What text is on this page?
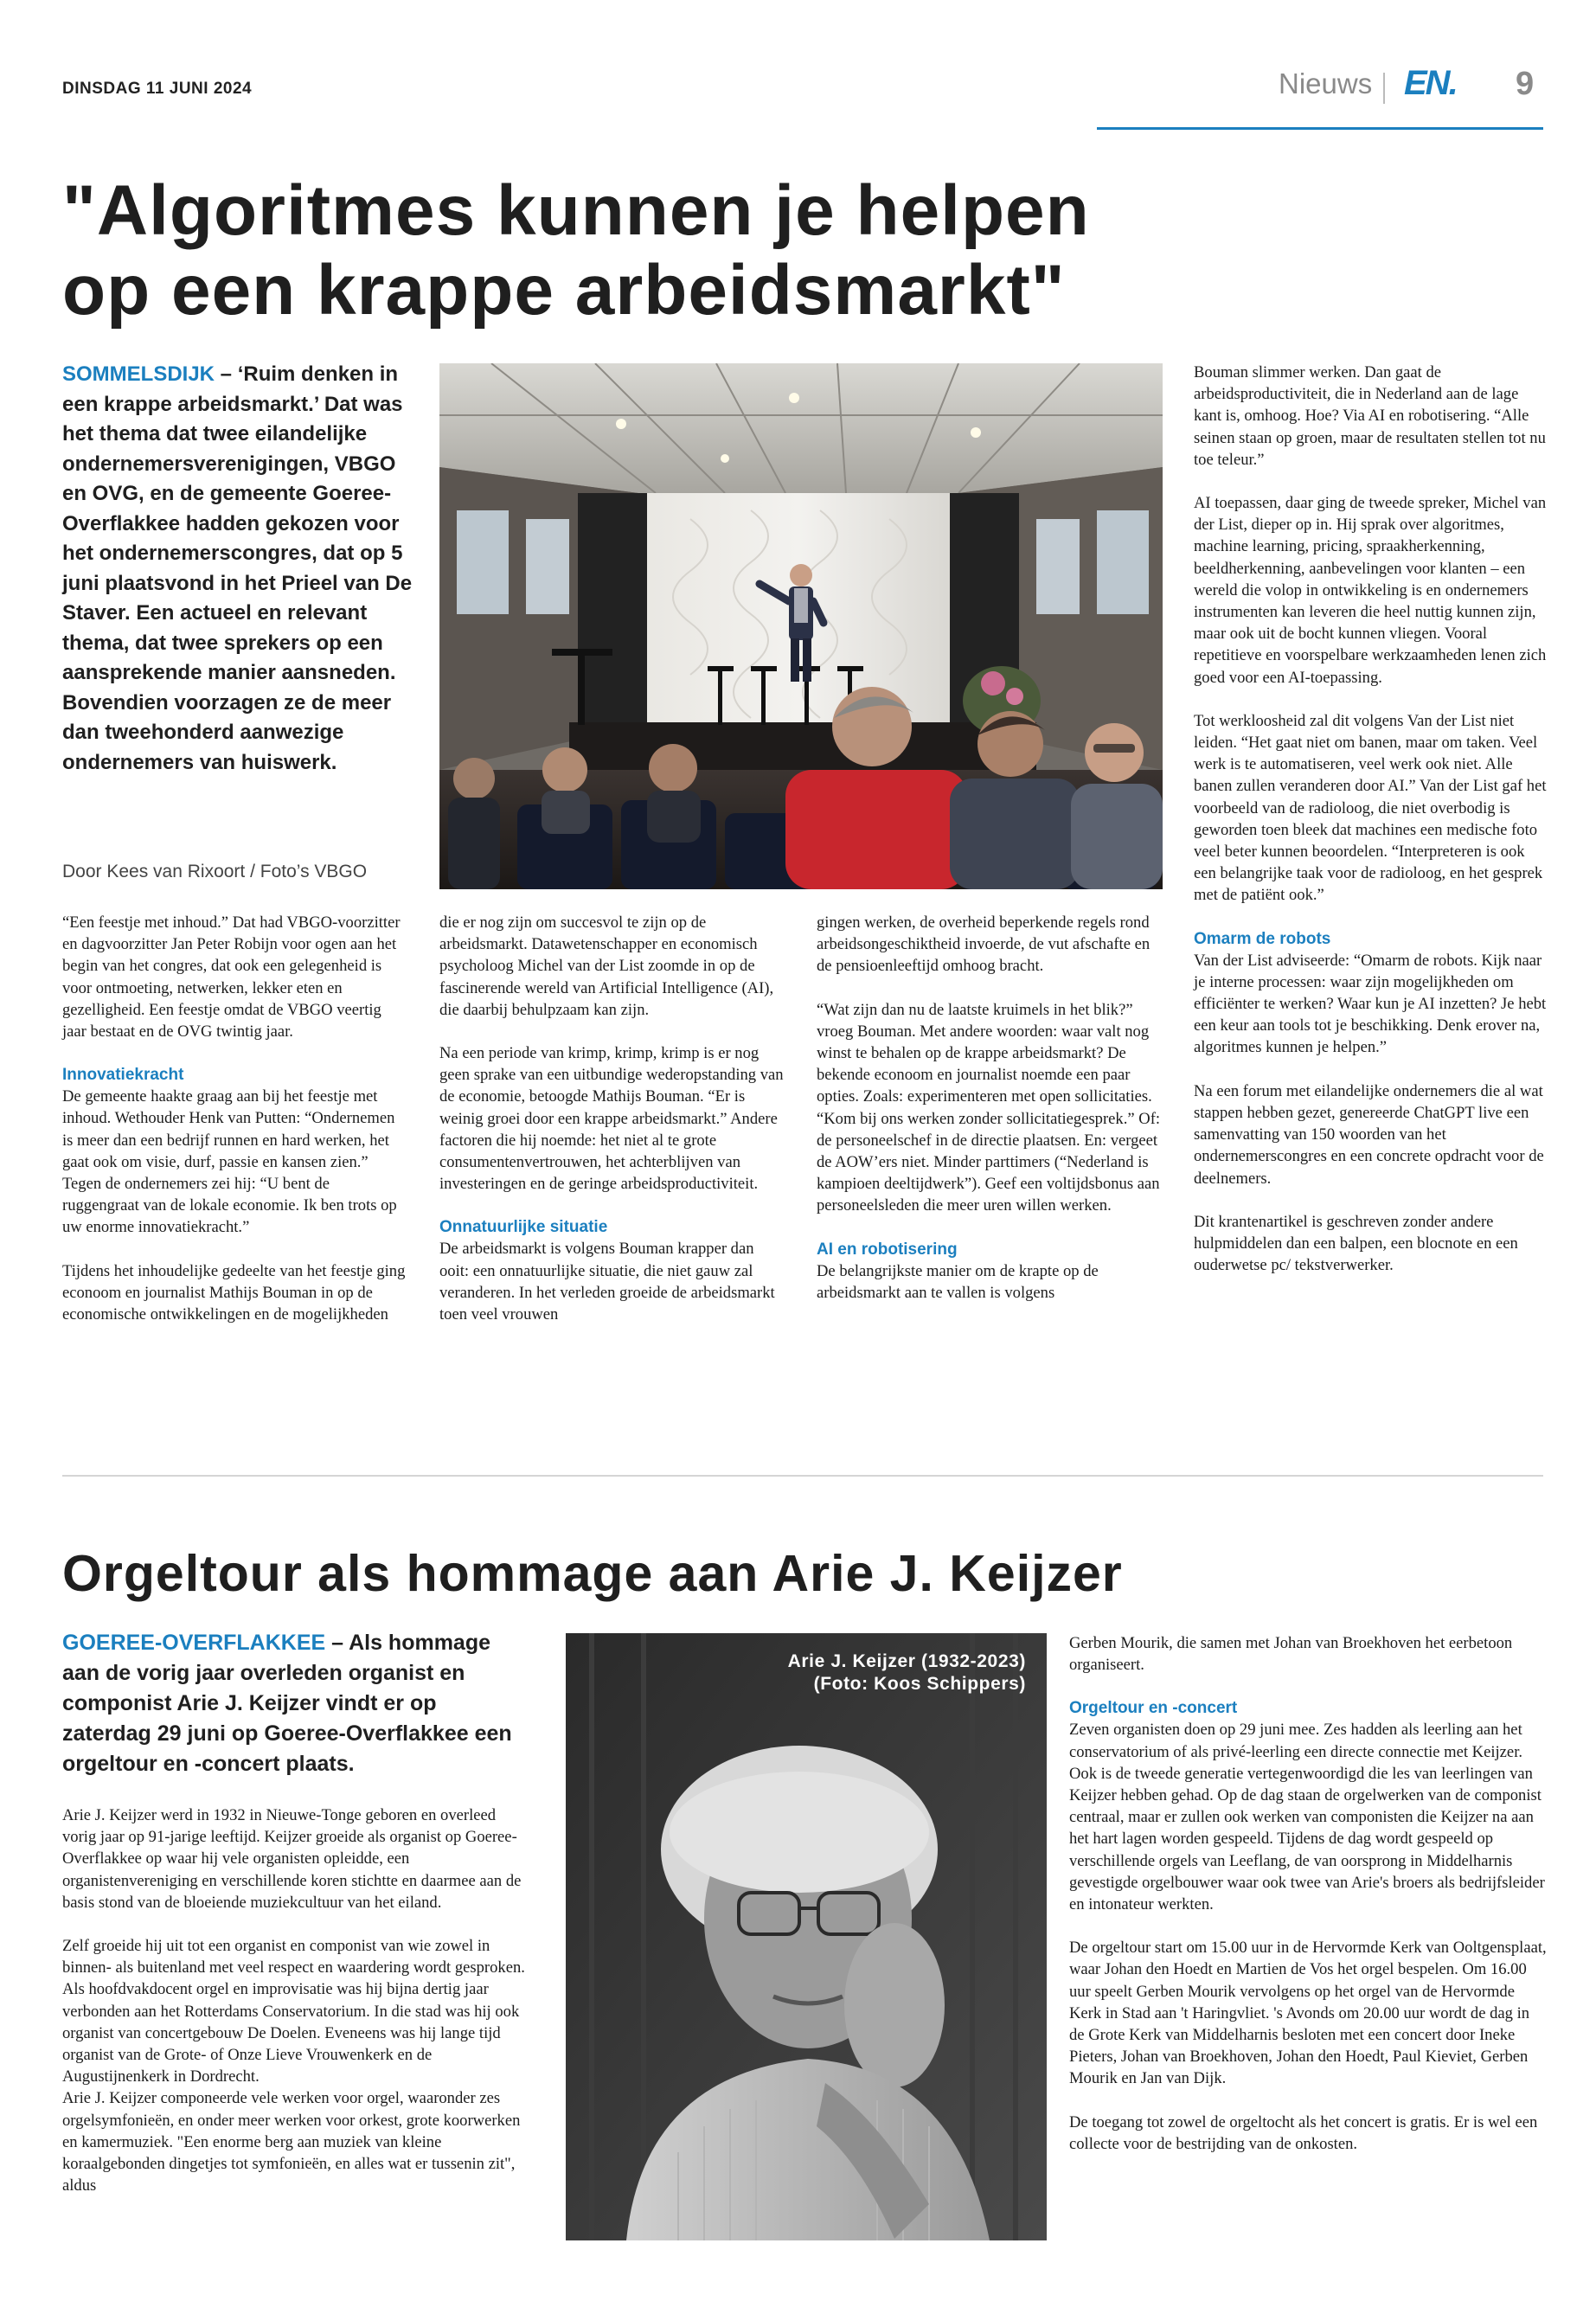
DINSDAG 11 JUNI 2024	Nieuws EN. 9
"Algoritmes kunnen je helpen
op een krappe arbeidsmarkt"
SOMMELSDIJK – ‘Ruim denken in een krappe arbeidsmarkt.’ Dat was het thema dat twee eilandelijke ondernemersverenigingen, VBGO en OVG, en de gemeente Goeree-Overflakkee hadden gekozen voor het ondernemerscongres, dat op 5 juni plaatsvond in het Prieel van De Staver. Een actueel en relevant thema, dat twee sprekers op een aansprekende manier aansneden. Bovendien voorzagen ze de meer dan tweehonderd aanwezige ondernemers van huiswerk.
Door Kees van Rixoort / Foto’s VBGO

“Een feestje met inhoud.” Dat had VBGO-voorzitter en dagvoorzitter Jan Peter Robijn voor ogen aan het begin van het congres, dat ook een gelegenheid is voor ontmoeting, netwerken, lekker eten en gezelligheid. Een feestje omdat de VBGO veertig jaar bestaat en de OVG twintig jaar.

Innovatiekracht

De gemeente haakte graag aan bij het feestje met inhoud. Wethouder Henk van Putten: “Ondernemen is meer dan een bedrijf runnen en hard werken, het gaat ook om visie, durf, passie en kansen zien.” Tegen de ondernemers zei hij: “U bent de ruggengraat van de lokale economie. Ik ben trots op uw enorme innovatiekracht.”

Tijdens het inhoudelijke gedeelte van het feestje ging econoom en journalist Mathijs Bouman in op de economische ontwikkelingen en de mogelijkheden

die er nog zijn om succesvol te zijn op de arbeidsmarkt. Datawetenschapper en economisch psycholoog Michel van der List zoomde in op de fascinerende wereld van Artificial Intelligence (AI), die daarbij behulpzaam kan zijn.

Na een periode van krimp, krimp, krimp is er nog geen sprake van een uitbundige wederopstanding van de economie, betoogde Mathijs Bouman. “Er is weinig groei door een krappe arbeidsmarkt.” Andere factoren die hij noemde: het niet al te grote consumentenvertrouwen, het achterblijven van investeringen en de geringe arbeidsproductiviteit.

Onnatuurlijke situatie

De arbeidsmarkt is volgens Bouman krapper dan ooit: een onnatuurlijke situatie, die niet gauw zal veranderen. In het verleden groeide de arbeidsmarkt toen veel vrouwen

gingen werken, de overheid beperkende regels rond arbeidsongeschiktheid invoerde, de vut afschafte en de pensioenleeftijd omhoog bracht.

“Wat zijn dan nu de laatste kruimels in het blik?” vroeg Bouman. Met andere woorden: waar valt nog winst te behalen op de krappe arbeidsmarkt? De bekende econoom en journalist noemde een paar opties. Zoals: experimenteren met open sollicitaties. “Kom bij ons werken zonder sollicitatiegesprek.” Of: de personeelschef in de directie plaatsen. En: vergeet de AOW’ers niet. Minder parttimers (“Nederland is kampioen deeltijdwerk”). Geef een voltijdsbonus aan personeelsleden die meer uren willen werken.

AI en robotisering

De belangrijkste manier om de krapte op de arbeidsmarkt aan te vallen is volgens

Bouman slimmer werken. Dan gaat de arbeidsproductiviteit, die in Nederland aan de lage kant is, omhoog. Hoe? Via AI en robotisering. “Alle seinen staan op groen, maar de resultaten stellen tot nu toe teleur.”

AI toepassen, daar ging de tweede spreker, Michel van der List, dieper op in. Hij sprak over algoritmes, machine learning, pricing, spraakherkenning, beeldherkenning, aanbevelingen voor klanten – een wereld die volop in ontwikkeling is en ondernemers instrumenten kan leveren die heel nuttig kunnen zijn, maar ook uit de bocht kunnen vliegen. Vooral repetitieve en voorspelbare werkzaamheden lenen zich goed voor een AI-toepassing.

Tot werkloosheid zal dit volgens Van der List niet leiden. “Het gaat niet om banen, maar om taken. Veel werk is te automatiseren, veel werk ook niet. Alle banen zullen veranderen door AI.” Van der List gaf het voorbeeld van de radioloog, die niet overbodig is geworden toen bleek dat machines een medische foto veel beter kunnen beoordelen. “Interpreteren is ook een belangrijke taak voor de radioloog, en het gesprek met de patiënt ook.”

Omarm de robots

Van der List adviseerde: “Omarm de robots. Kijk naar je interne processen: waar zijn mogelijkheden om efficiënter te werken? Waar kun je AI inzetten? Je hebt een keur aan tools tot je beschikking. Denk erover na, algoritmes kunnen je helpen.”

Na een forum met eilandelijke ondernemers die al wat stappen hebben gezet, genereerde ChatGPT live een samenvatting van 150 woorden van het ondernemerscongres en een concrete opdracht voor de deelnemers.

Dit krantenartikel is geschreven zonder andere hulpmiddelen dan een balpen, een blocnote en een ouderwetse pc/ tekstverwerker.

Orgeltour als hommage aan Arie J. Keijzer
GOEREE-OVERFLAKKEE – Als hommage aan de vorig jaar overleden organist en componist Arie J. Keijzer vindt er op zaterdag 29 juni op Goeree-Overflakkee een orgeltour en -concert plaats.
Arie J. Keijzer (1932-2023)
(Foto: Koos Schippers)

Arie J. Keijzer werd in 1932 in Nieuwe-Tonge geboren en overleed vorig jaar op 91-jarige leeftijd. Keijzer groeide als organist op Goeree-Overflakkee op waar hij vele organisten opleidde, een organistenvereniging en verschillende koren stichtte en daarmee aan de basis stond van de bloeiende muziekcultuur van het eiland.

Zelf groeide hij uit tot een organist en componist van wie zowel in binnen- als buitenland met veel respect en waardering wordt gesproken. Als hoofdvakdocent orgel en improvisatie was hij bijna dertig jaar verbonden aan het Rotterdams Conservatorium. In die stad was hij ook organist van concertgebouw De Doelen. Eveneens was hij lange tijd organist van de Grote- of Onze Lieve Vrouwenkerk en de Augustijnenkerk in Dordrecht.

Arie J. Keijzer componeerde vele werken voor orgel, waaronder zes orgelsymfonieën, en onder meer werken voor orkest, grote koorwerken en kamermuziek. "Een enorme berg aan muziek van kleine koraalgebonden dingetjes tot symfonieën, en alles wat er tussenin zit", aldus

Gerben Mourik, die samen met Johan van Broekhoven het eerbetoon organiseert.

Orgeltour en -concert

Zeven organisten doen op 29 juni mee. Zes hadden als leerling aan het conservatorium of als privé-leerling een directe connectie met Keijzer. Ook is de tweede generatie vertegenwoordigd die les van leerlingen van Keijzer hebben gehad. Op de dag staan de orgelwerken van de componist centraal, maar er zullen ook werken van componisten die Keijzer na aan het hart lagen worden gespeeld. Tijdens de dag wordt gespeeld op verschillende orgels van Leeflang, de van oorsprong in Middelharnis gevestigde orgelbouwer waar ook twee van Arie's broers als bedrijfsleider en intonateur werkten.

De orgeltour start om 15.00 uur in de Hervormde Kerk van Ooltgensplaat, waar Johan den Hoedt en Martien de Vos het orgel bespelen. Om 16.00 uur speelt Gerben Mourik vervolgens op het orgel van de Hervormde Kerk in Stad aan 't Haringvliet. 's Avonds om 20.00 uur wordt de dag in de Grote Kerk van Middelharnis besloten met een concert door Ineke Pieters, Johan van Broekhoven, Johan den Hoedt, Paul Kieviet, Gerben Mourik en Jan van Dijk.

De toegang tot zowel de orgeltocht als het concert is gratis. Er is wel een collecte voor de bestrijding van de onkosten.
